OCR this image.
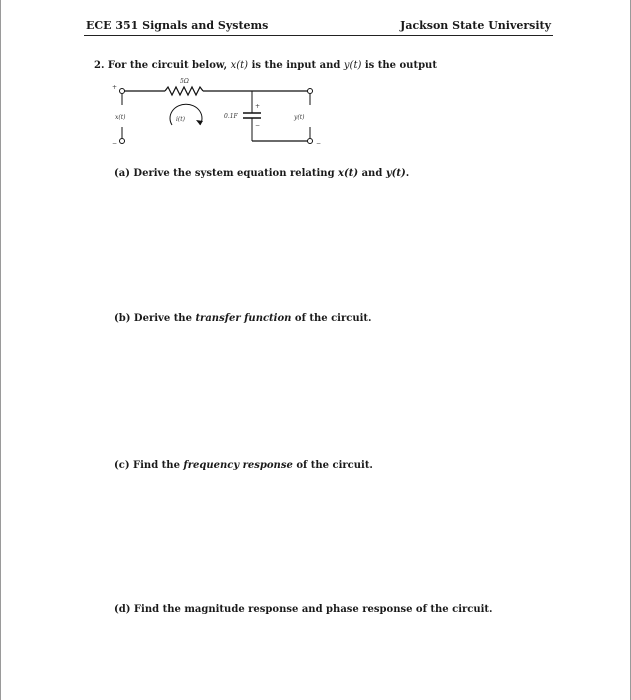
ECE 351 Signals and Systems	Jackson State University
2. For the circuit below, x(t) is the input and y(t) is the output
5Ω
+
−
x(t)	i(t)	0.1F
+
−
−
y(t)
(a) Derive the system equation relating x(t) and y(t).
(b) Derive the transfer function of the circuit.
(c) Find the frequency response of the circuit.
(d) Find the magnitude response and phase response of the circuit.
